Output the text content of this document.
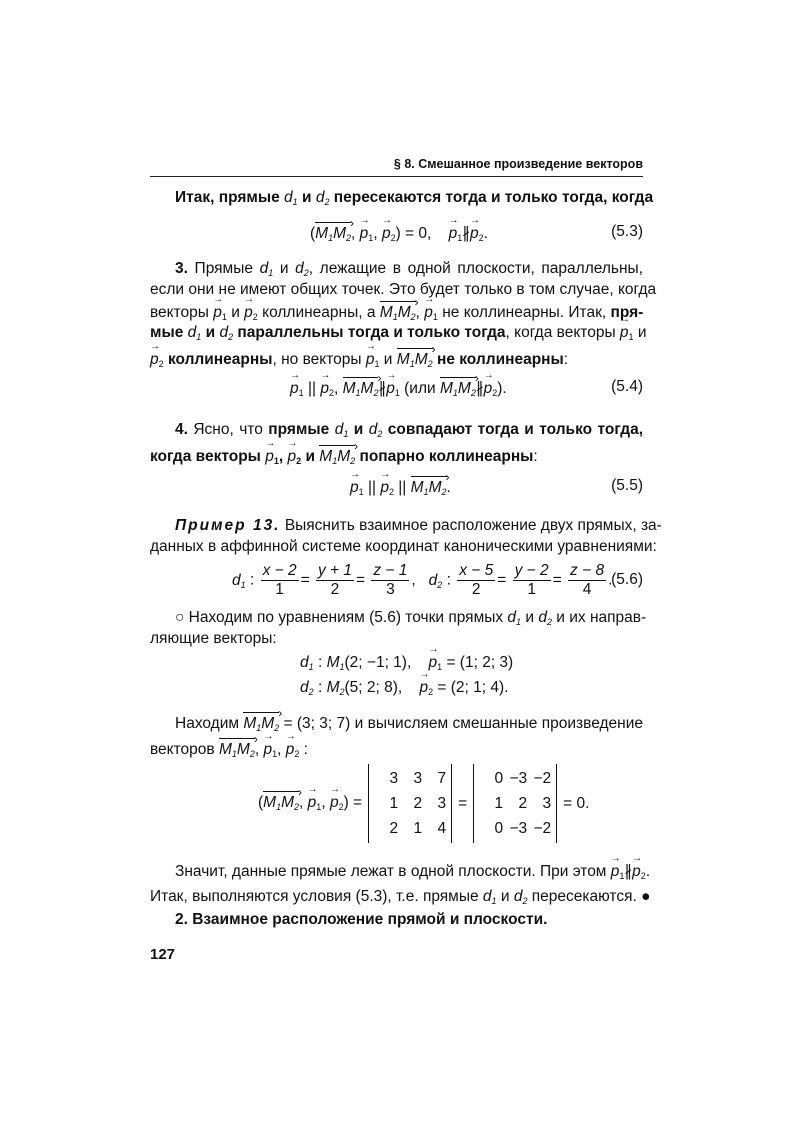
§ 8. Смешанное произведение векторов
Итак, прямые $d_1$ и $d_2$ пересекаются тогда и только тогда, когда
($M_1M_2$ ›, → $p_1$, → $p_2) = 0$,    → $p_1∦\to p_2$.	(5.3)
3. Прямые $d_1$ и $d_2$, лежащие в одной плоскости, параллельны,
если они не имеют общих точек. Это будет только в том случае, когда
векторы → $p_1$ $и \to p_2$ коллинеарны, а $M_1M_2$ ›, → $p_1$ не коллинеарны. Итак, пря-
мые $d_1$ и $d_2$ параллельны тогда и только тогда, когда векторы → $p_1$ и
→ $p_2$ коллинеарны, но векторы → $p_1$ и $M_1M_2$ › не коллинеарны:
→ $p_1$ || → $p_2$, $M_1M_2$ ›∦→ $p_1$ (или $M_1M_2$ ›∦→ $p_2$).	(5.4)
4. Ясно, что прямые $d_1$ и $d_2$ совпадают тогда и только тогда,
когда векторы → $p_1$, → $p_2$ и $M_1M_2$ › попарно коллинеарны:
→ $p_1$ || → $p_2$ || $M_1M_2$ ›.	(5.5)
Пример 13. Выяснить взаимное расположение двух прямых, за-
данных в аффинной системе координат каноническими уравнениями:
$d_1$ : $\frac{x - 2}{1} = \frac{y + 1}{2} = \frac{z - 1}{3}$ ,   $d_2$ : $\frac{x - 5}{2} = \frac{y - 2}{1} = \frac{z - 8}{4}$ .
(5.6)
○ Находим по уравнениям (5.6) точки прямых $d_1$ и $d_2$ и их направ-
ляющие векторы:
$d_1$ : $M_1(2$; −1; 1),    → $p_1 = (1$; 2; 3)
$d_2$ : $M_2(5$; 2; 8),    → $p_2 = (2$; 1; 4).
Находим $M_1M_2$ › = (3; 3; 7) и вычисляем смешанные произведение
векторов $M_1M_2$ ›, → $p_1$, → $p_2$ :
($M_1M_2$ ›, → $p_1$, → $p_2$) =
3 3 7
1 2 3
2 1 4
=
0 −3 −2
1 2 3
0 −3 −2
= 0.
Значит, данные прямые лежат в одной плоскости. При этом → $p_1∦\to p_2$.
Итак, выполняются условия (5.3), т.е. прямые $d_1$ и $d_2$ пересекаются. ●
2. Взаимное расположение прямой и плоскости.
127
